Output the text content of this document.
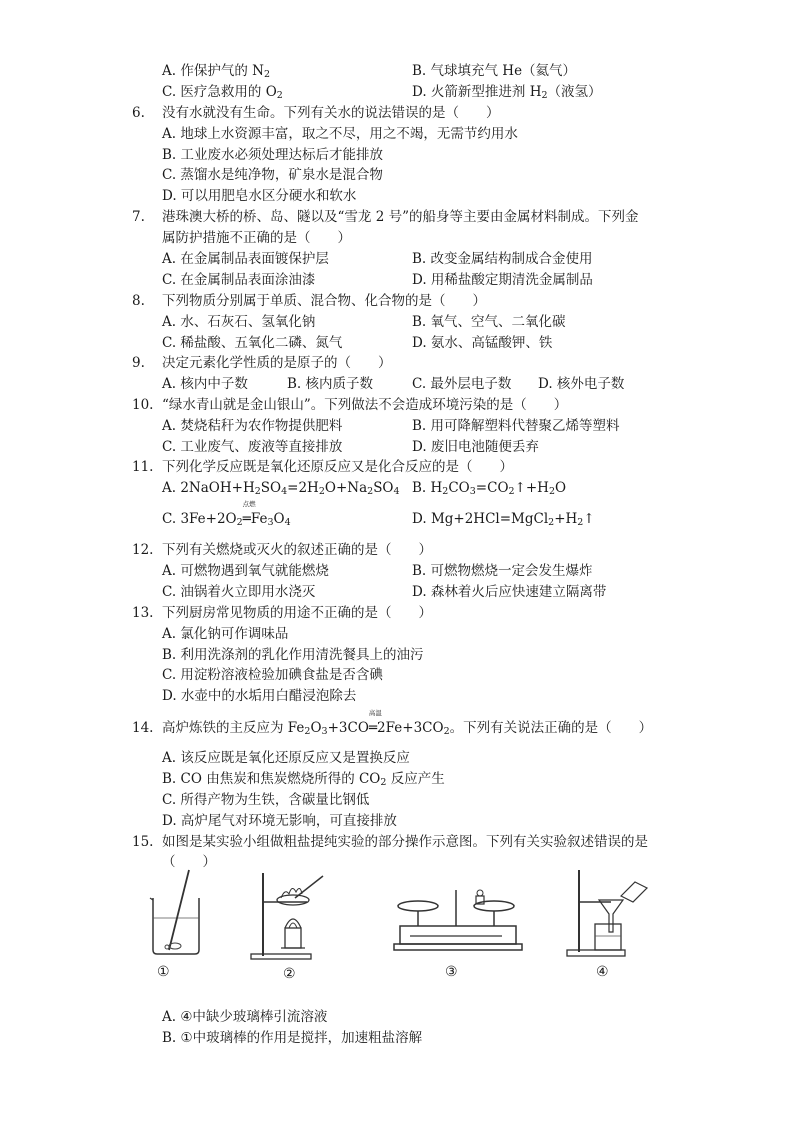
A. 作保护气的 $N_2$	B. 气球填充气 He（氦气）
C. 医疗急救用的 $O_2$	D. 火箭新型推进剂 $H_2$（液氢）
6. 没有水就没有生命。下列有关水的说法错误的是（　　）
A. 地球上水资源丰富，取之不尽，用之不竭，无需节约用水
B. 工业废水必须处理达标后才能排放
C. 蒸馏水是纯净物，矿泉水是混合物
D. 可以用肥皂水区分硬水和软水
7. 港珠澳大桥的桥、岛、隧以及“雪龙 2 号”的船身等主要由金属材料制成。下列金
属防护措施不正确的是（　　）
A. 在金属制品表面镀保护层	B. 改变金属结构制成合金使用
C. 在金属制品表面涂油漆	D. 用稀盐酸定期清洗金属制品
8. 下列物质分别属于单质、混合物、化合物的是（　　）
A. 水、石灰石、氢氧化钠	B. 氧气、空气、二氧化碳
C. 稀盐酸、五氧化二磷、氮气	D. 氨水、高锰酸钾、铁
9. 决定元素化学性质的是原子的（　　）
A. 核内中子数	B. 核内质子数	C. 最外层电子数 D. 核外电子数
10. “绿水青山就是金山银山”。下列做法不会造成环境污染的是（　　）
A. 焚烧秸秆为农作物提供肥料	B. 用可降解塑料代替聚乙烯等塑料
C. 工业废气、废液等直接排放	D. 废旧电池随便丢弃
11. 下列化学反应既是氧化还原反应又是化合反应的是（　　）
A. $2NaOH+H_2SO_4=2H_2O+Na_2SO_4$ B. $H_2CO_3=CO_2↑+H_2O$
C. $3Fe+2O_2$
点燃
$═Fe_3O_4$	D. $Mg+2HCl=MgCl_2+H_2↑$
12. 下列有关燃烧或灭火的叙述正确的是（　　）
A. 可燃物遇到氧气就能燃烧	B. 可燃物燃烧一定会发生爆炸
C. 油锅着火立即用水浇灭	D. 森林着火后应快速建立隔离带
13. 下列厨房常见物质的用途不正确的是（　　）
A. 氯化钠可作调味品
B. 利用洗涤剂的乳化作用清洗餐具上的油污
C. 用淀粉溶液检验加碘食盐是否含碘
D. 水壶中的水垢用白醋浸泡除去
14. 高炉炼铁的主反应为 $Fe_2O_3+3CO$
高温
$═2Fe+3CO_2$。下列有关说法正确的是（　　）
A. 该反应既是氧化还原反应又是置换反应
B. CO 由焦炭和焦炭燃烧所得的 $CO_2$ 反应产生
C. 所得产物为生铁，含碳量比钢低
D. 高炉尾气对环境无影响，可直接排放
15. 如图是某实验小组做粗盐提纯实验的部分操作示意图。下列有关实验叙述错误的是
（　　）
①	②	③	④
A. ④中缺少玻璃棒引流溶液
B. ①中玻璃棒的作用是搅拌，加速粗盐溶解
